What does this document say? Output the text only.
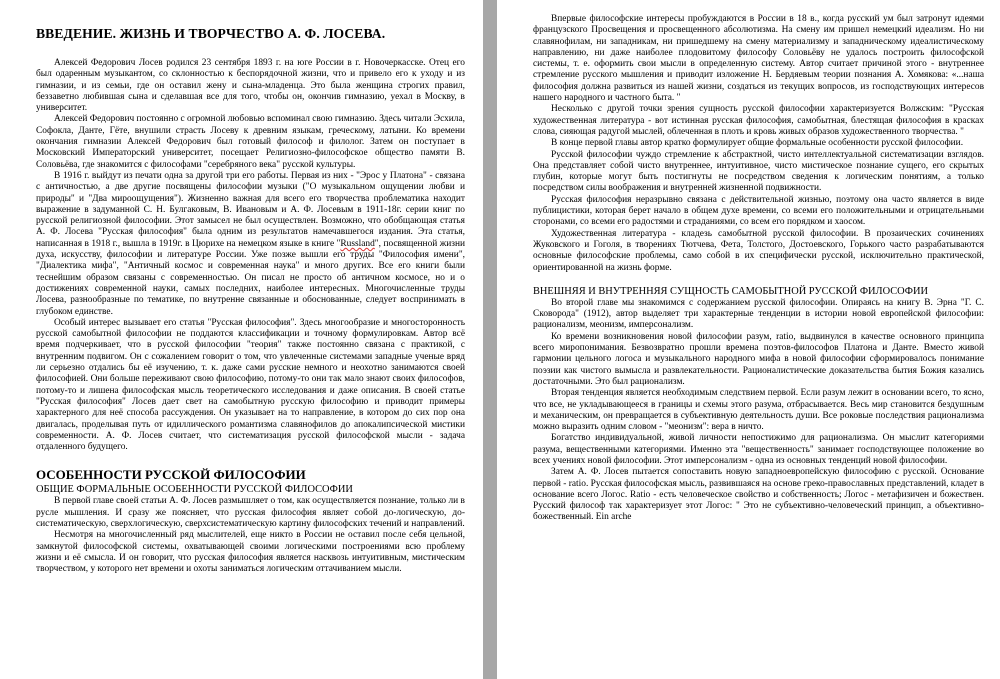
ВВЕДЕНИЕ. ЖИЗНЬ И ТВОРЧЕСТВО А. Ф. ЛОСЕВА.

Алексей Федорович Лосев родился 23 сентября 1893 г. на юге России в г. Новочеркасске. Отец его был одаренным музыкантом, со склонностью к беспорядочной жизни, что и привело его к уходу и из гимназии, и из семьи, где он оставил жену и сына-младенца. Это была женщина строгих правил, беззаветно любившая сына и сделавшая все для того, чтобы он, окончив гимназию, уехал в Москву, в университет.

Алексей Федорович постоянно с огромной любовью вспоминал свою гимназию. Здесь читали Эсхила, Софокла, Данте, Гёте, внушили страсть Лосеву к древним языкам, греческому, латыни. Ко времени окончания гимназии Алексей Федорович был готовый философ и филолог. Затем он поступает в Московский Императорский университет, посещает Религиозно-философское общество памяти В. Соловьёва, где знакомится с философами "серебряного века" русской культуры.

В 1916 г. выйдут из печати одна за другой три его работы. Первая из них - "Эрос у Платона" - связана с античностью, а две другие посвящены философии музыки ("О музыкальном ощущении любви и природы" и "Два мироощущения"). Жизненно важная для всего его творчества проблематика находит выражение в задуманной С. Н. Булгаковым, В. Ивановым и А. Ф. Лосевым в 1911-18г. серии книг по русской религиозной философии. Этот замысел не был осуществлен. Возможно, что обобщающая статья А. Ф. Лосева "Русская философия" была одним из результатов намечавшегося издания. Эта статья, написанная в 1918 г., вышла в 1919г. в Цюрихе на немецком языке в книге "Russland", посвященной жизни духа, искусству, философии и литературе России. Уже позже вышли его труды "Философия имени", "Диалектика мифа", "Античный космос и современная наука" и много других. Все его книги были теснейшим образом связаны с современностью. Он писал не просто об античном космосе, но и о достижениях современной науки, самых последних, наиболее интересных. Многочисленные труды Лосева, разнообразные по тематике, по внутренне связанные и обоснованные, следует воспринимать в глубоком единстве.

Особый интерес вызывает его статья "Русская философия". Здесь многообразие и многосторонность русской самобытной философии не поддаются классификации и точному формулировкам. Автор всё время подчеркивает, что в русской философии "теория" также постоянно связана с практикой, с внутренним подвигом. Он с сожалением говорит о том, что увлеченные системами западные ученые вряд ли серьезно отдались бы её изучению, т. к. даже сами русские немного и неохотно занимаются своей философией. Они больше переживают свою философию, потому-то они так мало знают своих философов, потому-то и лишена философская мысль теоретического исследования и даже описания. В своей статье "Русская философия" Лосев дает свет на самобытную русскую философию и приводит примеры характерного для неё способа рассуждения. Он указывает на то направление, в котором до сих пор она двигалась, проделывая путь от идиллического романтизма славянофилов до апокалипсической мистики современности. А. Ф. Лосев считает, что систематизация русской философской мысли - задача отдаленного будущего.

ОСОБЕННОСТИ РУССКОЙ ФИЛОСОФИИ
ОБЩИЕ ФОРМАЛЬНЫЕ ОСОБЕННОСТИ РУССКОЙ ФИЛОСОФИИ

В первой главе своей статьи А. Ф. Лосев размышляет о том, как осуществляется познание, только ли в русле мышления. И сразу же поясняет, что русская философия являет собой до-логическую, до-систематическую, сверхлогическую, сверхсистематическую картину философских течений и направлений.

Несмотря на многочисленный ряд мыслителей, еще никто в России не оставил после себя цельной, замкнутой философской системы, охватывающей своими логическими построениями всю проблему жизни и её смысла. И он говорит, что русская философия является насквозь интуитивным, мистическим творчеством, у которого нет времени и охоты заниматься логическим оттачиванием мысли.

Впервые философские интересы пробуждаются в России в 18 в., когда русский ум был затронут идеями французского Просвещения и просвещенного абсолютизма. На смену им пришел немецкий идеализм. Но ни славянофилам, ни западникам, ни пришедшему на смену материализму и западническому идеалистическому направлению, ни даже наиболее плодовитому философу Соловьёву не удалось построить философской системы, т. е. оформить свои мысли в определенную систему. Автор считает причиной этого - внутреннее стремление русского мышления и приводит изложение Н. Бердяевым теории познания А. Хомякова: «...наша философия должна развиться из нашей жизни, создаться из текущих вопросов, из господствующих интересов нашего народного и частного быта. "

Несколько с другой точки зрения сущность русской философии характеризуется Волжским: "Русская художественная литература - вот истинная русская философия, самобытная, блестящая философия в красках слова, сияющая радугой мыслей, облеченная в плоть и кровь живых образов художественного творчества. "

В конце первой главы автор кратко формулирует общие формальные особенности русской философии.

Русской философии чуждо стремление к абстрактной, чисто интеллектуальной систематизации взглядов. Она представляет собой чисто внутреннее, интуитивное, чисто мистическое познание сущего, его скрытых глубин, которые могут быть постигнуты не посредством сведения к логическим понятиям, а только посредством силы воображения и внутренней жизненной подвижности.

Русская философия неразрывно связана с действительной жизнью, поэтому она часто является в виде публицистики, которая берет начало в общем духе времени, со всеми его положительными и отрицательными сторонами, со всеми его радостями и страданиями, со всем его порядком и хаосом.

Художественная литература - кладезь самобытной русской философии. В прозаических сочинениях Жуковского и Гоголя, в творениях Тютчева, Фета, Толстого, Достоевского, Горького часто разрабатываются основные философские проблемы, само собой в их специфически русской, исключительно практической, ориентированной на жизнь форме.

ВНЕШНЯЯ И ВНУТРЕННЯЯ СУЩНОСТЬ САМОБЫТНОЙ РУССКОЙ ФИЛОСОФИИ

Во второй главе мы знакомимся с содержанием русской философии. Опираясь на книгу В. Эрна "Г. С. Сковорода" (1912), автор выделяет три характерные тенденции в истории новой европейской философии: рационализм, меонизм, имперсонализм.

Ко времени возникновения новой философии разум, ratio, выдвинулся в качестве основного принципа всего миропонимания. Безвозвратно прошли времена поэтов-философов Платона и Данте. Вместо живой гармонии цельного логоса и музыкального народного мифа в новой философии сформировалось понимание поэзии как чистого вымысла и развлекательности. Рационалистические доказательства бытия Божия казались достаточными. Это был рационализм.

Вторая тенденция является необходимым следствием первой. Если разум лежит в основании всего, то ясно, что все, не укладывающееся в границы и схемы этого разума, отбрасывается. Весь мир становится бездушным и механическим, он превращается в субъективную деятельность души. Все роковые последствия рационализма можно выразить одним словом - "меонизм": вера в ничто.

Богатство индивидуальной, живой личности непостижимо для рационализма. Он мыслит категориями разума, вещественными категориями. Именно эта "вещественность" занимает господствующее положение во всех учениях новой философии. Этот имперсонализм - одна из основных тенденций новой философии.

Затем А. Ф. Лосев пытается сопоставить новую западноевропейскую философию с русской. Основание первой - ratio. Русская философская мысль, развившаяся на основе греко-православных представлений, кладет в основание всего Логос. Ratio - есть человеческое свойство и собственность; Логос - метафизичен и божествен. Русский философ так характеризует этот Логос: " Это не субъективно-человеческий принцип, а объективно-божественный. Ein arche
